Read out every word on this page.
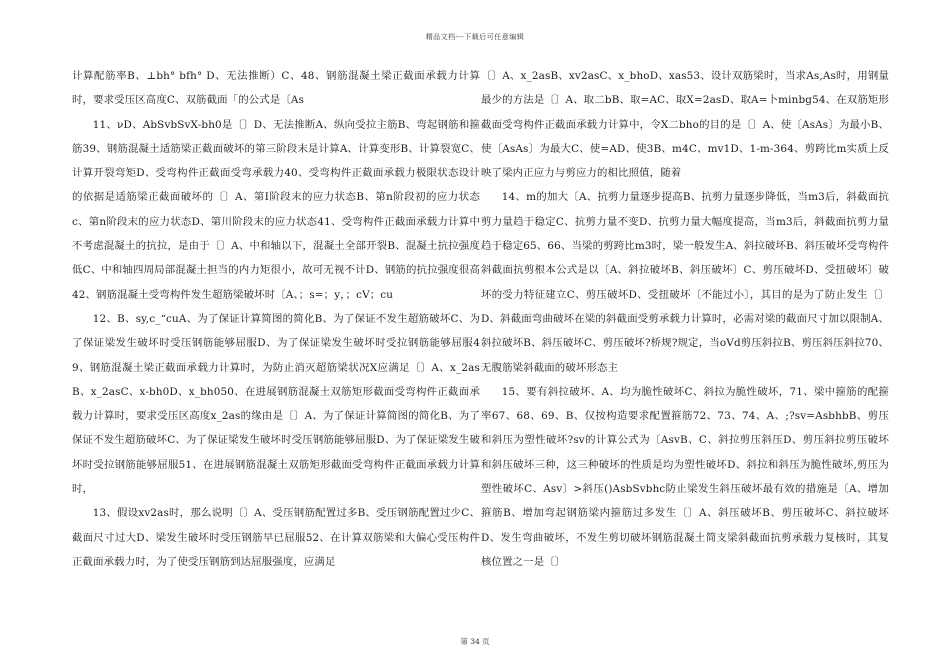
精品文档---下载后可任意编辑

计算配筋率B、⊥bh° bfh° D、无法推断）C、48、钢筋混凝土梁正截面承载力计算时，要求受压区高度C、双筋截面「的公式是〔As

11、νD、AbSvbSvX-bh0是〔〕D、无法推断A、纵向受拉主筋B、弯起钢筋和箍筋39、钢筋混凝土适筋梁正截面破坏的第三阶段末是计算A、计算变形B、计算裂宽C、计算开裂弯矩D、受弯构件正截面受弯承载力40、受弯构件正截面承载力极限状态设计的依据是适筋梁正截面破坏的〔〕A、第Ⅰ阶段末的应力状态B、第n阶段初的应力状态c、第n阶段末的应力状态D、第川阶段末的应力状态41、受弯构件正截面承载力计算中不考虑混凝土的抗拉，是由于〔〕A、中和轴以下，混凝土全部开裂B、混凝土抗拉强度低C、中和轴四周局部混凝土担当的内力矩很小，故可无视不计D、钢筋的抗拉强度很高42、钢筋混凝土受弯构件发生超筋梁破坏时〔A、；s=；y，；cV；cu

12、B、sy,c_“cuA、为了保证计算简图的简化B、为了保证不发生超筋破坏C、为了保证梁发生破坏时受压钢筋能够屈服D、为了保证梁发生破坏时受拉钢筋能够屈服49、钢筋混凝土梁正截面承载力计算时，为防止消灭超筋梁状况X应满足〔〕A、x_2asB、x_2asC、x-bh0D、x_bh050、在进展钢筋混凝土双筋矩形截面受弯构件正截面承载力计算时，要求受压区高度x_2as的缘由是〔〕A、为了保证计算简图的简化B、为了保证不发生超筋破坏C、为了保证梁发生破坏时受压钢筋能够屈服D、为了保证梁发生破坏时受拉钢筋能够屈服51、在进展钢筋混凝土双筋矩形截面受弯构件正截面承载力计算时，

13、假设xv2as时，那么说明〔〕A、受压钢筋配置过多B、受压钢筋配置过少C、截面尺寸过大D、梁发生破坏时受压钢筋早已屈服52、在计算双筋梁和大偏心受压构件正截面承载力时，为了使受压钢筋到达屈服强度，应满足

〔〕A、x_2asB、xv2asC、x_bhoD、xas53、设计双筋梁时，当求As,As时，用钢量最少的方法是〔〕A、取二bB、取=AC、取X=2asD、取A=卜minbg54、在双筋矩形截面受弯构件正截面承载力计算中，令X二bho的目的是〔〕A、使〔AsAs〕为最小B、使〔AsAs〕为最大C、使=AD、使3B、m4C、mv1D、1-m-364、剪跨比m实质上反映了梁内正应力与剪应力的相比照值，随着

14、m的加大〔A、抗剪力量逐步提高B、抗剪力量逐步降低，当m3后，斜截面抗剪力量趋于稳定C、抗剪力量不变D、抗剪力量大幅度提高，当m3后，斜截面抗剪力量趋于稳定65、66、当梁的剪跨比m3时，梁一般发生A、斜拉破坏B、斜压破坏受弯构件斜截面抗剪根本公式是以〔A、斜拉破坏B、斜压破坏〕C、剪压破坏D、受扭破坏〕破坏的受力特征建立C、剪压破坏D、受扭破坏〔不能过小〕，其目的是为了防止发生〔〕D、斜截面弯曲破坏在梁的斜截面受剪承载力计算时，必需对梁的截面尺寸加以限制A、斜拉破坏B、斜压破坏C、剪压破坏?桥规?规定，当oVd剪压斜拉B、剪压斜压斜拉70、无腹筋梁斜截面的破坏形态主

15、要有斜拉破坏、A、均为脆性破坏C、斜拉为脆性破坏，71、梁中箍筋的配箍率67、68、69、B、仅按构造要求配置箍筋72、73、74、A、;?sv=AsbhbB、剪压和斜压为塑性破坏?sv的计算公式为〔AsvB、C、斜拉剪压斜压D、剪压斜拉剪压破坏和斜压破坏三种，这三种破坏的性质是均为塑性破坏D、斜拉和斜压为脆性破坏,剪压为塑性破坏C、Asv〕>斜压()AsbSvbhc防止梁发生斜压破坏最有效的措施是〔A、增加箍筋B、增加弯起钢筋梁内箍筋过多发生〔〕A、斜压破坏B、剪压破坏C、斜拉破坏D、发生弯曲破坏，不发生剪切破坏钢筋混凝土简支梁斜截面抗剪承载力复核时，其复核位置之一是〔〕

第 34 页
